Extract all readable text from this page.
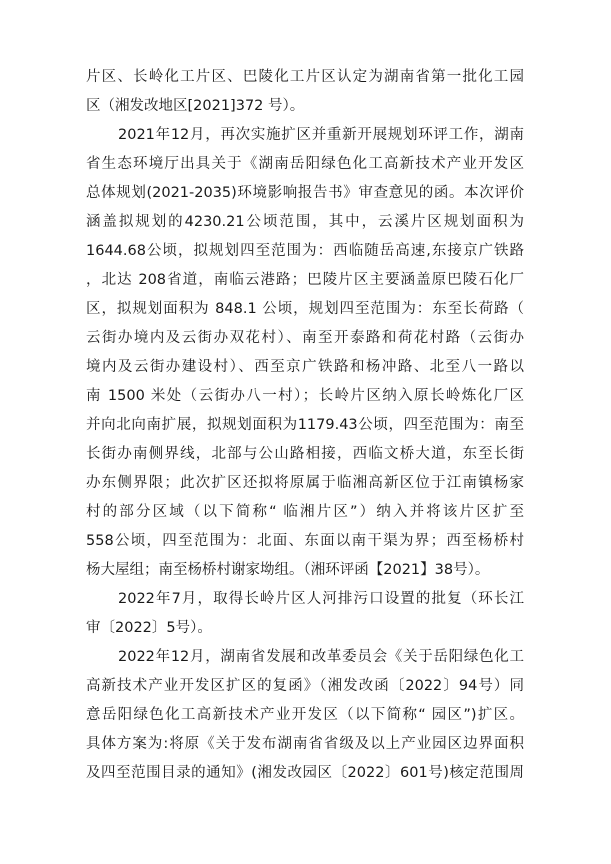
片区、长岭化工片区、巴陵化工片区认定为湖南省第一批化工园
区（湘发改地区[2021]372 号）。
2021年12月，再次实施扩区并重新开展规划环评工作，湖南
省生态环境厅出具关于《湖南岳阳绿色化工高新技术产业开发区
总体规划(2021-2035)环境影响报告书》审查意见的函。本次评价
涵盖拟规划的4230.21公顷范围，其中，云溪片区规划面积为
1644.68公顷，拟规划四至范围为：西临随岳高速,东接京广铁路
，北达 208省道，南临云港路；巴陵片区主要涵盖原巴陵石化厂
区，拟规划面积为 848.1 公顷，规划四至范围为：东至长荷路（
云街办境内及云街办双花村）、南至开泰路和荷花村路（云街办
境内及云街办建设村）、西至京广铁路和杨冲路、北至八一路以
南 1500 米处（云街办八一村）；长岭片区纳入原长岭炼化厂区
并向北向南扩展，拟规划面积为1179.43公顷，四至范围为：南至
长街办南侧界线，北部与公山路相接，西临文桥大道，东至长街
办东侧界限；此次扩区还拟将原属于临湘高新区位于江南镇杨家
村的部分区域（以下简称“ 临湘片区”）纳入并将该片区扩至
558公顷，四至范围为：北面、东面以南干渠为界；西至杨桥村
杨大屋组；南至杨桥村谢家坳组。（湘环评函【2021】38号）。
2022年7月，取得长岭片区人河排污口设置的批复（环长江
审〔2022〕5号）。
2022年12月，湖南省发展和改革委员会《关于岳阳绿色化工
高新技术产业开发区扩区的复函》（湘发改函〔2022〕94号）同
意岳阳绿色化工高新技术产业开发区（以下简称“ 园区”)扩区。
具体方案为:将原《关于发布湖南省省级及以上产业园区边界面积
及四至范围目录的通知》(湘发改园区〔2022〕601号)核定范围周
